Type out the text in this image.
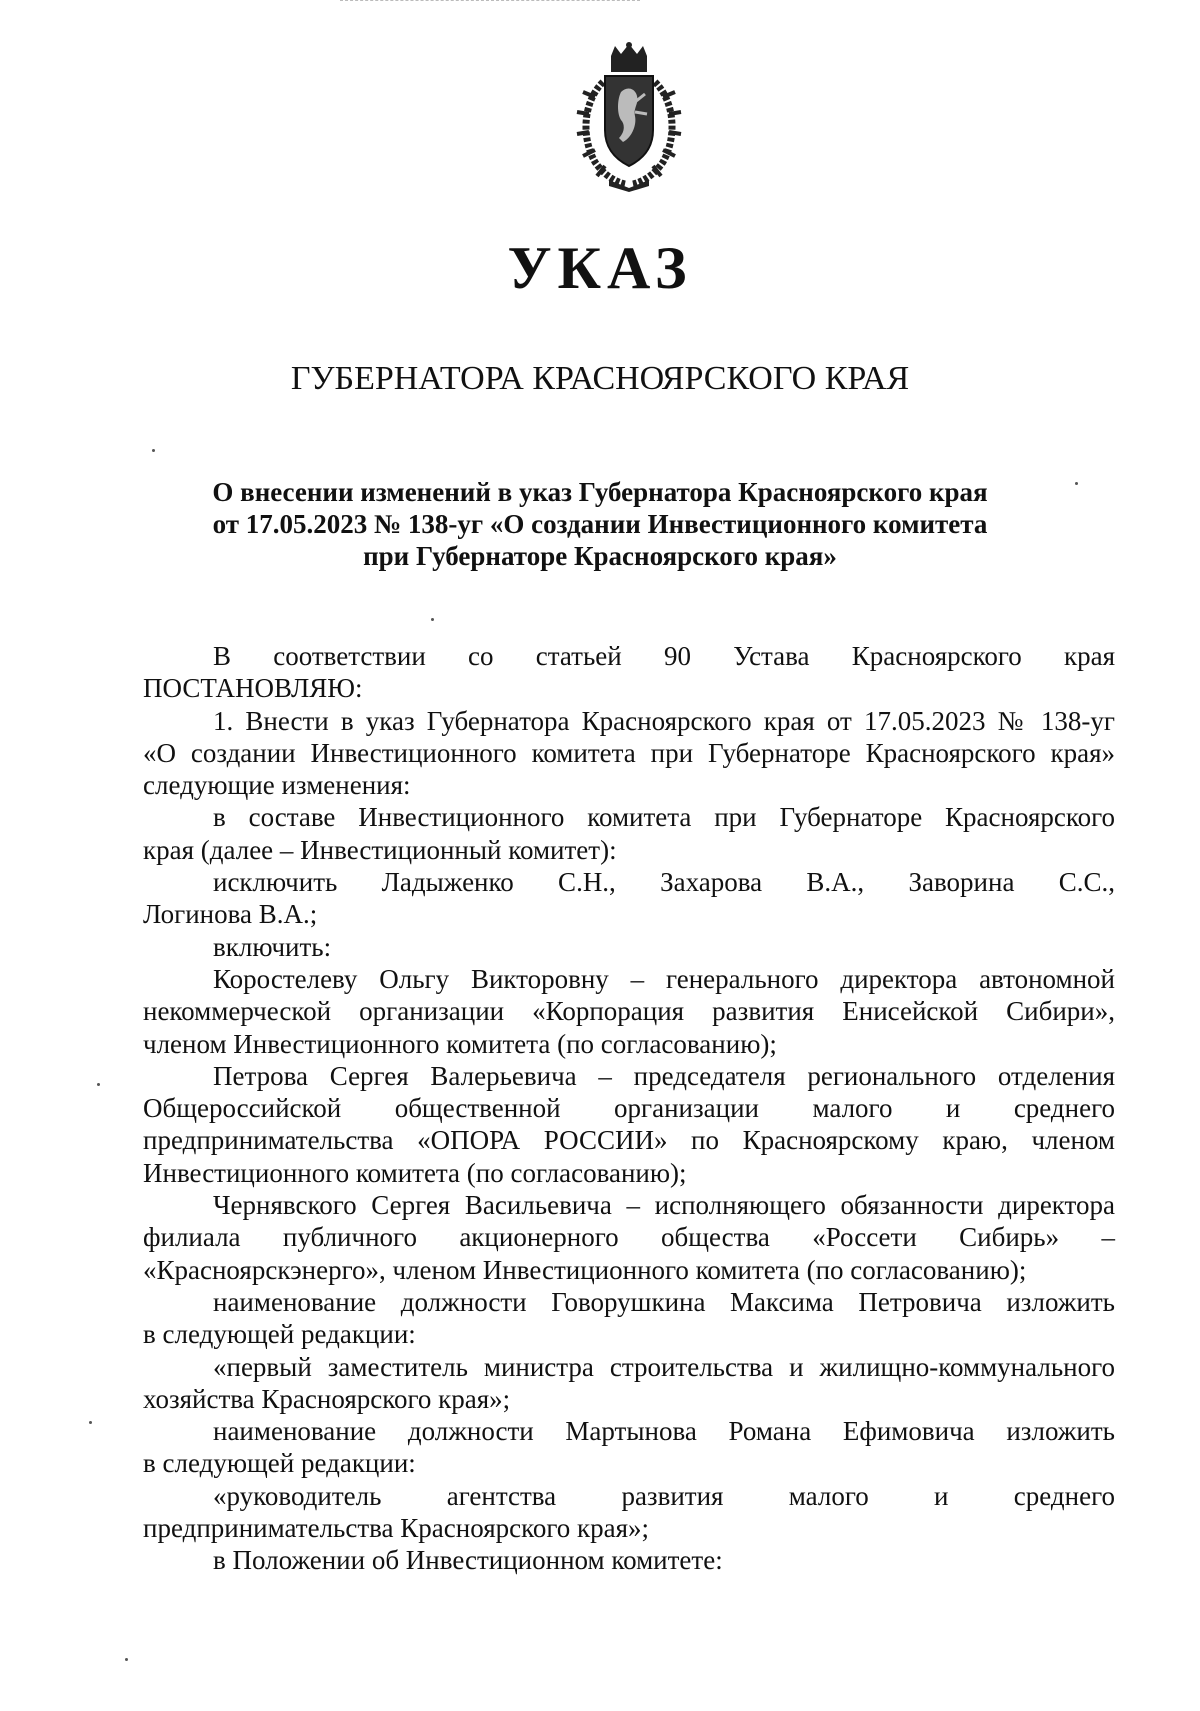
УКАЗ
ГУБЕРНАТОРА КРАСНОЯРСКОГО КРАЯ
О внесении изменений в указ Губернатора Красноярского края
от 17.05.2023 № 138-уг «О создании Инвестиционного комитета
при Губернаторе Красноярского края»

В соответствии со статьей 90 Устава Красноярского края
ПОСТАНОВЛЯЮ:

1. Внести в указ Губернатора Красноярского края от 17.05.2023 № 138-уг
«О создании Инвестиционного комитета при Губернаторе Красноярского края»
следующие изменения:

в составе Инвестиционного комитета при Губернаторе Красноярского
края (далее – Инвестиционный комитет):

исключить Ладыженко С.Н., Захарова В.А., Заворина С.С.,
Логинова В.А.;

включить:

Коростелеву Ольгу Викторовну – генерального директора автономной
некоммерческой организации «Корпорация развития Енисейской Сибири»,
членом Инвестиционного комитета (по согласованию);

Петрова Сергея Валерьевича – председателя регионального отделения
Общероссийской общественной организации малого и среднего
предпринимательства «ОПОРА РОССИИ» по Красноярскому краю, членом
Инвестиционного комитета (по согласованию);

Чернявского Сергея Васильевича – исполняющего обязанности директора
филиала публичного акционерного общества «Россети Сибирь» –
«Красноярскэнерго», членом Инвестиционного комитета (по согласованию);

наименование должности Говорушкина Максима Петровича изложить
в следующей редакции:

«первый заместитель министра строительства и жилищно-коммунального
хозяйства Красноярского края»;

наименование должности Мартынова Романа Ефимовича изложить
в следующей редакции:

«руководитель агентства развития малого и среднего
предпринимательства Красноярского края»;

в Положении об Инвестиционном комитете:
